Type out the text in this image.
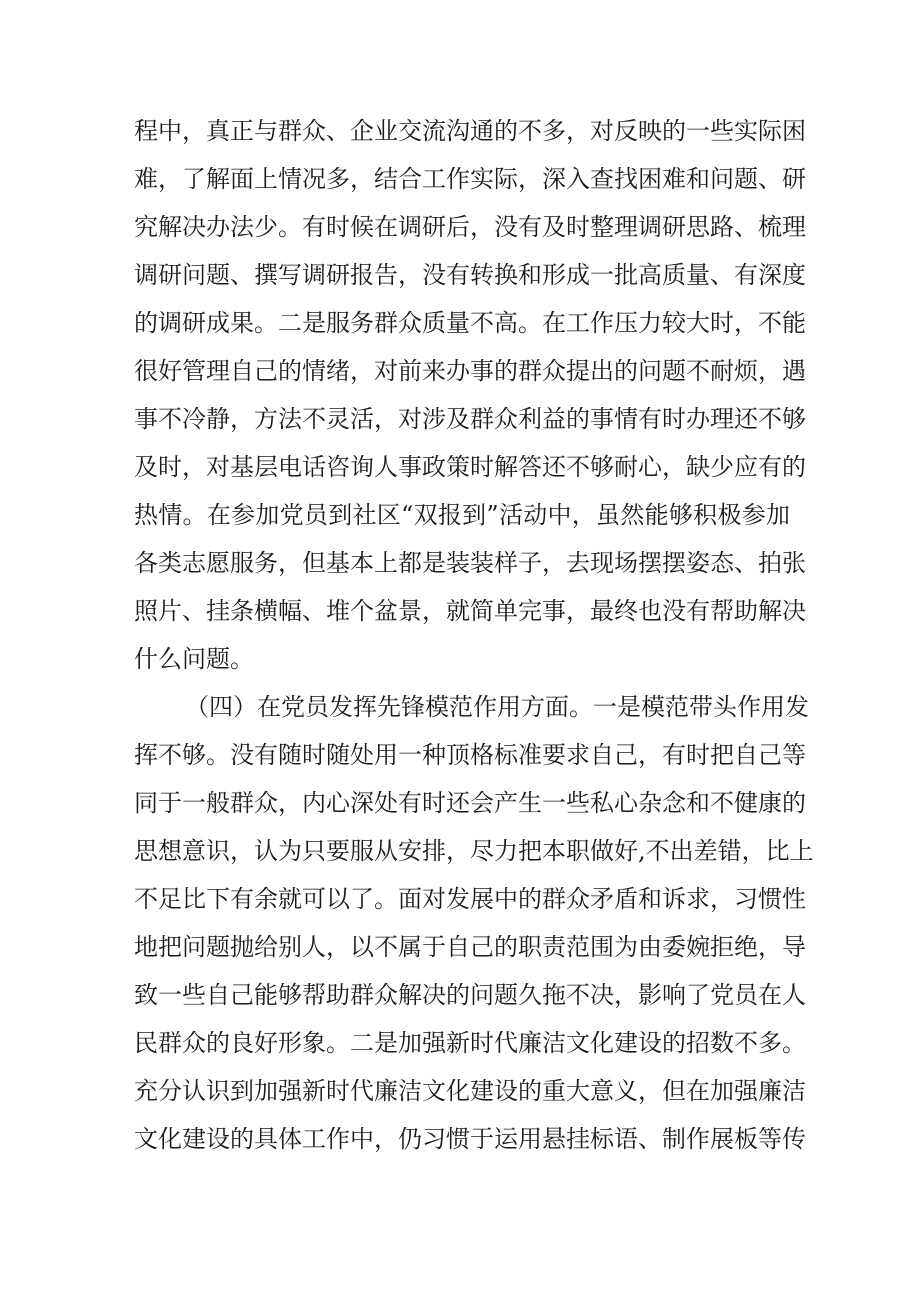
程中，真正与群众、企业交流沟通的不多，对反映的一些实际困
难，了解面上情况多，结合工作实际，深入查找困难和问题、研
究解决办法少。有时候在调研后，没有及时整理调研思路、梳理
调研问题、撰写调研报告，没有转换和形成一批高质量、有深度
的调研成果。二是服务群众质量不高。在工作压力较大时，不能
很好管理自己的情绪，对前来办事的群众提出的问题不耐烦，遇
事不冷静，方法不灵活，对涉及群众利益的事情有时办理还不够
及时，对基层电话咨询人事政策时解答还不够耐心，缺少应有的
热情。在参加党员到社区“双报到”活动中，虽然能够积极参加
各类志愿服务，但基本上都是装装样子，去现场摆摆姿态、拍张
照片、挂条横幅、堆个盆景，就简单完事，最终也没有帮助解决
什么问题。
（四）在党员发挥先锋模范作用方面。一是模范带头作用发
挥不够。没有随时随处用一种顶格标准要求自己，有时把自己等
同于一般群众，内心深处有时还会产生一些私心杂念和不健康的
思想意识，认为只要服从安排，尽力把本职做好,不出差错，比上
不足比下有余就可以了。面对发展中的群众矛盾和诉求，习惯性
地把问题抛给别人，以不属于自己的职责范围为由委婉拒绝，导
致一些自己能够帮助群众解决的问题久拖不决，影响了党员在人
民群众的良好形象。二是加强新时代廉洁文化建设的招数不多。
充分认识到加强新时代廉洁文化建设的重大意义，但在加强廉洁
文化建设的具体工作中，仍习惯于运用悬挂标语、制作展板等传
